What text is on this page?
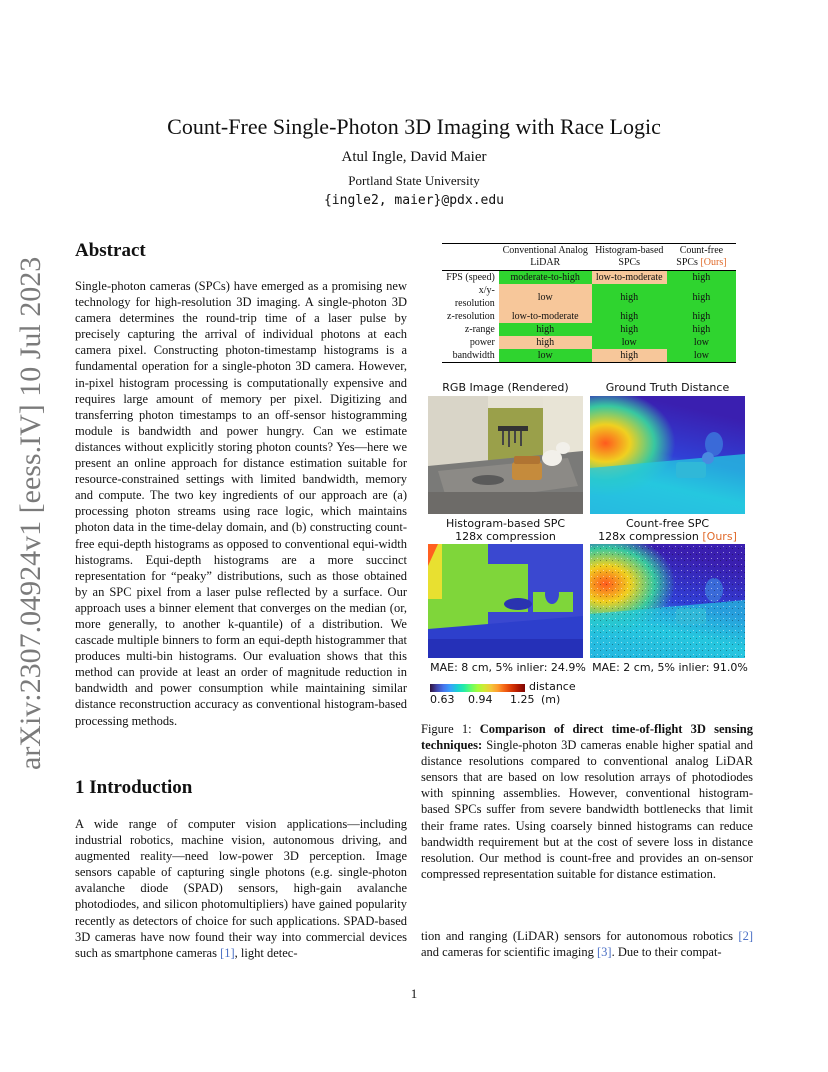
arXiv:2307.04924v1 [eess.IV] 10 Jul 2023
Count-Free Single-Photon 3D Imaging with Race Logic
Atul Ingle, David Maier
Portland State University
{ingle2, maier}@pdx.edu
Abstract
Single-photon cameras (SPCs) have emerged as a promising new technology for high-resolution 3D imaging. A single-photon 3D camera determines the round-trip time of a laser pulse by precisely capturing the arrival of individual photons at each camera pixel. Constructing photon-timestamp histograms is a fundamental operation for a single-photon 3D camera. However, in-pixel histogram processing is computationally expensive and requires large amount of memory per pixel. Digitizing and transferring photon timestamps to an off-sensor histogramming module is bandwidth and power hungry. Can we estimate distances without explicitly storing photon counts? Yes—here we present an online approach for distance estimation suitable for resource-constrained settings with limited bandwidth, memory and compute. The two key ingredients of our approach are (a) processing photon streams using race logic, which maintains photon data in the time-delay domain, and (b) constructing count-free equi-depth histograms as opposed to conventional equi-width histograms. Equi-depth histograms are a more succinct representation for “peaky” distributions, such as those obtained by an SPC pixel from a laser pulse reflected by a surface. Our approach uses a binner element that converges on the median (or, more generally, to another k-quantile) of a distribution. We cascade multiple binners to form an equi-depth histogrammer that produces multi-bin histograms. Our evaluation shows that this method can provide at least an order of magnitude reduction in bandwidth and power consumption while maintaining similar distance reconstruction accuracy as conventional histogram-based processing methods.
1 Introduction
A wide range of computer vision applications—including industrial robotics, machine vision, autonomous driving, and augmented reality—need low-power 3D perception. Image sensors capable of capturing single photons (e.g. single-photon avalanche diode (SPAD) sensors, high-gain avalanche photodiodes, and silicon photomultipliers) have gained popularity recently as detectors of choice for such applications. SPAD-based 3D cameras have now found their way into commercial devices such as smartphone cameras [1], light detec-
tion and ranging (LiDAR) sensors for autonomous robotics [2] and cameras for scientific imaging [3]. Due to their compat-
1
	Conventional Analog LiDAR	Histogram-based SPCs	Count-free SPCs [Ours]
FPS (speed)	moderate-to-high	low-to-moderate	high
x/y-resolution	low	high	high
z-resolution	low-to-moderate	high	high
z-range	high	high	high
power	high	low	low
bandwidth	low	high	low
RGB Image (Rendered)	Ground Truth Distance
Histogram-based SPC
128x compression
Count-free SPC
128x compression [Ours]
MAE: 8 cm, 5% inlier: 24.9% MAE: 2 cm, 5% inlier: 91.0%
distance
0.63 0.94 1.25 (m)
Figure 1: Comparison of direct time-of-flight 3D sensing techniques: Single-photon 3D cameras enable higher spatial and distance resolutions compared to conventional analog LiDAR sensors that are based on low resolution arrays of photodiodes with spinning assemblies. However, conventional histogram-based SPCs suffer from severe bandwidth bottlenecks that limit their frame rates. Using coarsely binned histograms can reduce bandwidth requirement but at the cost of severe loss in distance resolution. Our method is count-free and provides an on-sensor compressed representation suitable for distance estimation.
